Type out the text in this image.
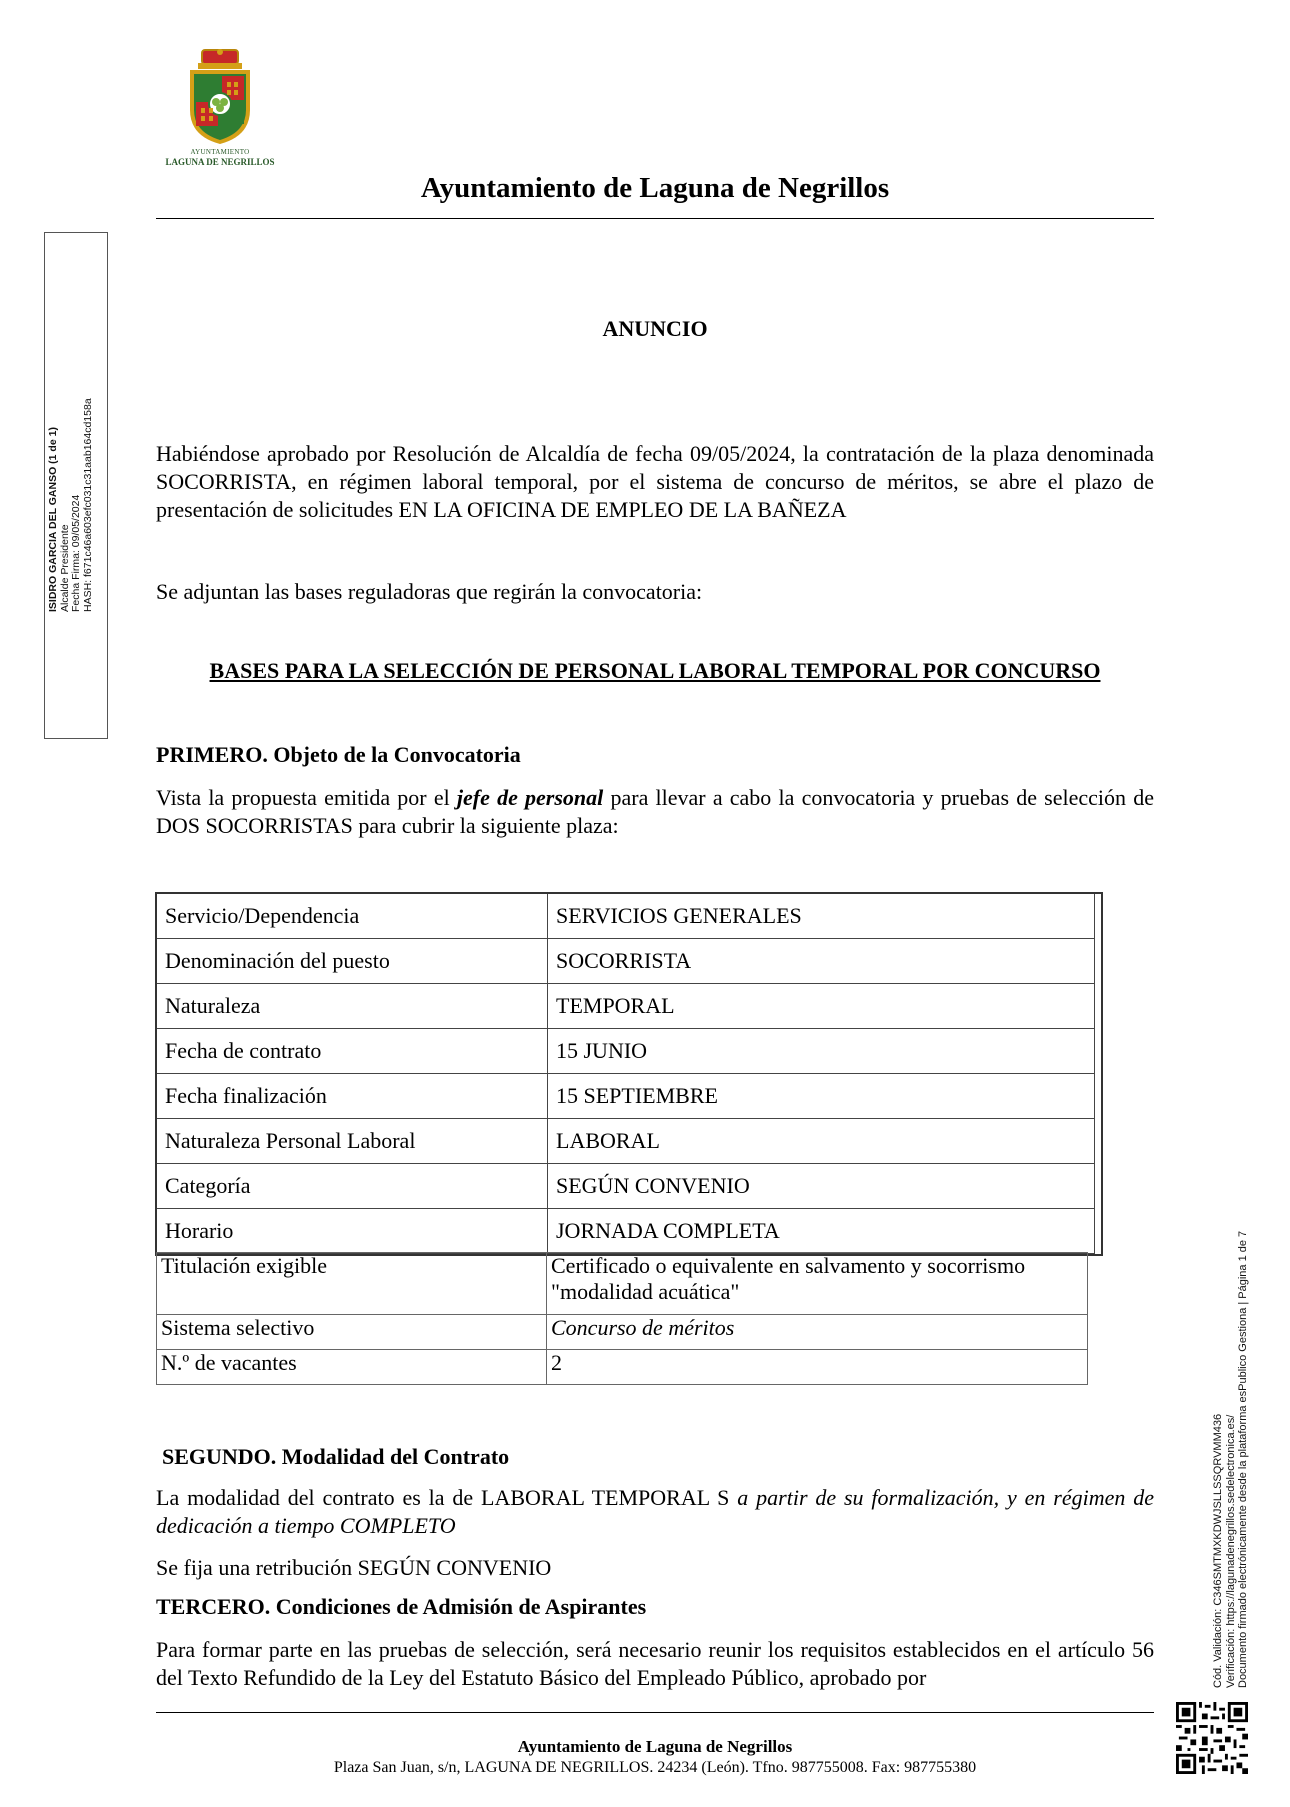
AYUNTAMIENTO
LAGUNA DE NEGRILLOS
Ayuntamiento de Laguna de Negrillos
ISIDRO GARCIA DEL GANSO (1 de 1) Alcalde Presidente Fecha Firma: 09/05/2024 HASH: f671c46a603efc031c31aab164cd158a
Cód. Validación: C346SMTMXKDWJSLLSSQRVMM436 Verificación: https://lagunadenegrillos.sedelectronica.es/ Documento firmado electrónicamente desde la plataforma esPublico Gestiona | Página 1 de 7
ANUNCIO
Habiéndose aprobado por Resolución de Alcaldía de fecha 09/05/2024, la contratación de la plaza denominada SOCORRISTA, en régimen laboral temporal, por el sistema de concurso de méritos, se abre el plazo de presentación de solicitudes EN LA OFICINA DE EMPLEO DE LA BAÑEZA
Se adjuntan las bases reguladoras que regirán la convocatoria:
BASES PARA LA SELECCIÓN DE PERSONAL LABORAL TEMPORAL POR CONCURSO
PRIMERO. Objeto de la Convocatoria
Vista la propuesta emitida por el jefe de personal para llevar a cabo la convocatoria y pruebas de selección de DOS SOCORRISTAS para cubrir la siguiente plaza:
Servicio/Dependencia	SERVICIOS GENERALES
Denominación del puesto	SOCORRISTA
Naturaleza	TEMPORAL
Fecha de contrato	15 JUNIO
Fecha finalización	15 SEPTIEMBRE
Naturaleza Personal Laboral	LABORAL
Categoría	SEGÚN CONVENIO
Horario	JORNADA COMPLETA
Titulación exigible	Certificado o equivalente en salvamento y socorrismo "modalidad acuática"
Sistema selectivo	Concurso de méritos
N.º de vacantes	2
SEGUNDO. Modalidad del Contrato
La modalidad del contrato es la de LABORAL TEMPORAL S a partir de su formalización, y en régimen de dedicación a tiempo COMPLETO
Se fija una retribución SEGÚN CONVENIO
TERCERO. Condiciones de Admisión de Aspirantes
Para formar parte en las pruebas de selección, será necesario reunir los requisitos establecidos en el artículo 56 del Texto Refundido de la Ley del Estatuto Básico del Empleado Público, aprobado por
Ayuntamiento de Laguna de Negrillos
Plaza San Juan, s/n, LAGUNA DE NEGRILLOS. 24234 (León). Tfno. 987755008. Fax: 987755380
